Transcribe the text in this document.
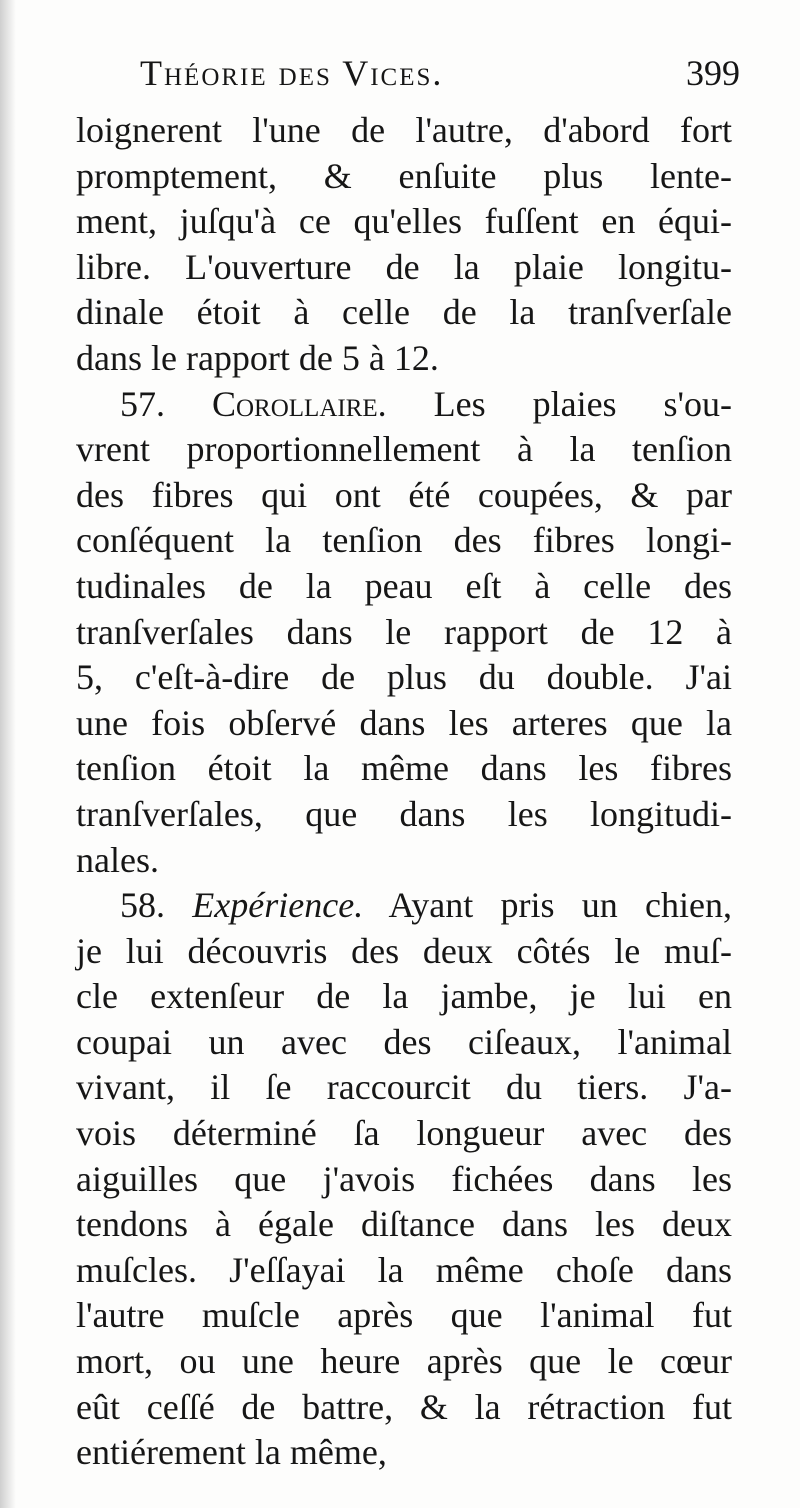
Théorie des Vices.	399
loignerent l'une de l'autre, d'abord fort
promptement, & enſuite plus lente-
ment, juſqu'à ce qu'elles fuſſent en équi-
libre. L'ouverture de la plaie longitu-
dinale étoit à celle de la tranſverſale
dans le rapport de 5 à 12.
57. Corollaire. Les plaies s'ou-
vrent proportionnellement à la tenſion
des fibres qui ont été coupées, & par
conſéquent la tenſion des fibres longi-
tudinales de la peau eſt à celle des
tranſverſales dans le rapport de 12 à
5, c'eſt-à-dire de plus du double. J'ai
une fois obſervé dans les arteres que la
tenſion étoit la même dans les fibres
tranſverſales, que dans les longitudi-
nales.
58. Expérience. Ayant pris un chien,
je lui découvris des deux côtés le muſ-
cle extenſeur de la jambe, je lui en
coupai un avec des ciſeaux, l'animal
vivant, il ſe raccourcit du tiers. J'a-
vois déterminé ſa longueur avec des
aiguilles que j'avois fichées dans les
tendons à égale diſtance dans les deux
muſcles. J'eſſayai la même choſe dans
l'autre muſcle après que l'animal fut
mort, ou une heure après que le cœur
eût ceſſé de battre, & la rétraction fut
entiérement la même,
